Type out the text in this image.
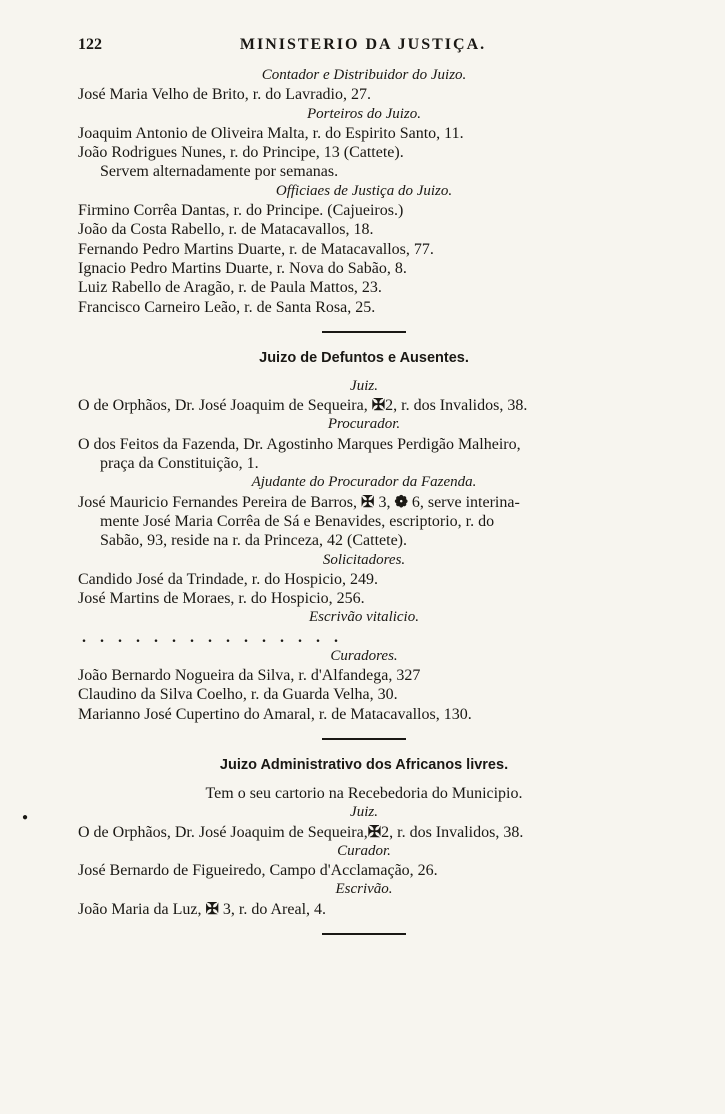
122	MINISTERIO DA JUSTIÇA.
Contador e Distribuidor do Juizo.
José Maria Velho de Brito, r. do Lavradio, 27.
Porteiros do Juizo.
Joaquim Antonio de Oliveira Malta, r. do Espirito Santo, 11.
João Rodrigues Nunes, r. do Principe, 13 (Cattete).
Servem alternadamente por semanas.
Officiaes de Justiça do Juizo.
Firmino Corrêa Dantas, r. do Principe. (Cajueiros.)
João da Costa Rabello, r. de Matacavallos, 18.
Fernando Pedro Martins Duarte, r. de Matacavallos, 77.
Ignacio Pedro Martins Duarte, r. Nova do Sabão, 8.
Luiz Rabello de Aragão, r. de Paula Mattos, 23.
Francisco Carneiro Leão, r. de Santa Rosa, 25.
Juizo de Defuntos e Ausentes.
Juiz.
O de Orphãos, Dr. José Joaquim de Sequeira, ✠2, r. dos Invalidos, 38.
Procurador.
O dos Feitos da Fazenda, Dr. Agostinho Marques Perdigão Malheiro,
praça da Constituição, 1.
Ajudante do Procurador da Fazenda.
José Mauricio Fernandes Pereira de Barros, ✠ 3, ❁ 6, serve interina-
mente José Maria Corrêa de Sá e Benavides, escriptorio, r. do
Sabão, 93, reside na r. da Princeza, 42 (Cattete).
Solicitadores.
Candido José da Trindade, r. do Hospicio, 249.
José Martins de Moraes, r. do Hospicio, 256.
Escrivão vitalicio.
...............
Curadores.
João Bernardo Nogueira da Silva, r. d'Alfandega, 327
Claudino da Silva Coelho, r. da Guarda Velha, 30.
Marianno José Cupertino do Amaral, r. de Matacavallos, 130.
Juizo Administrativo dos Africanos livres.
Tem o seu cartorio na Recebedoria do Municipio.
Juiz.
O de Orphãos, Dr. José Joaquim de Sequeira,✠2, r. dos Invalidos, 38.
Curador.
José Bernardo de Figueiredo, Campo d'Acclamação, 26.
Escrivão.
João Maria da Luz, ✠ 3, r. do Areal, 4.
●
